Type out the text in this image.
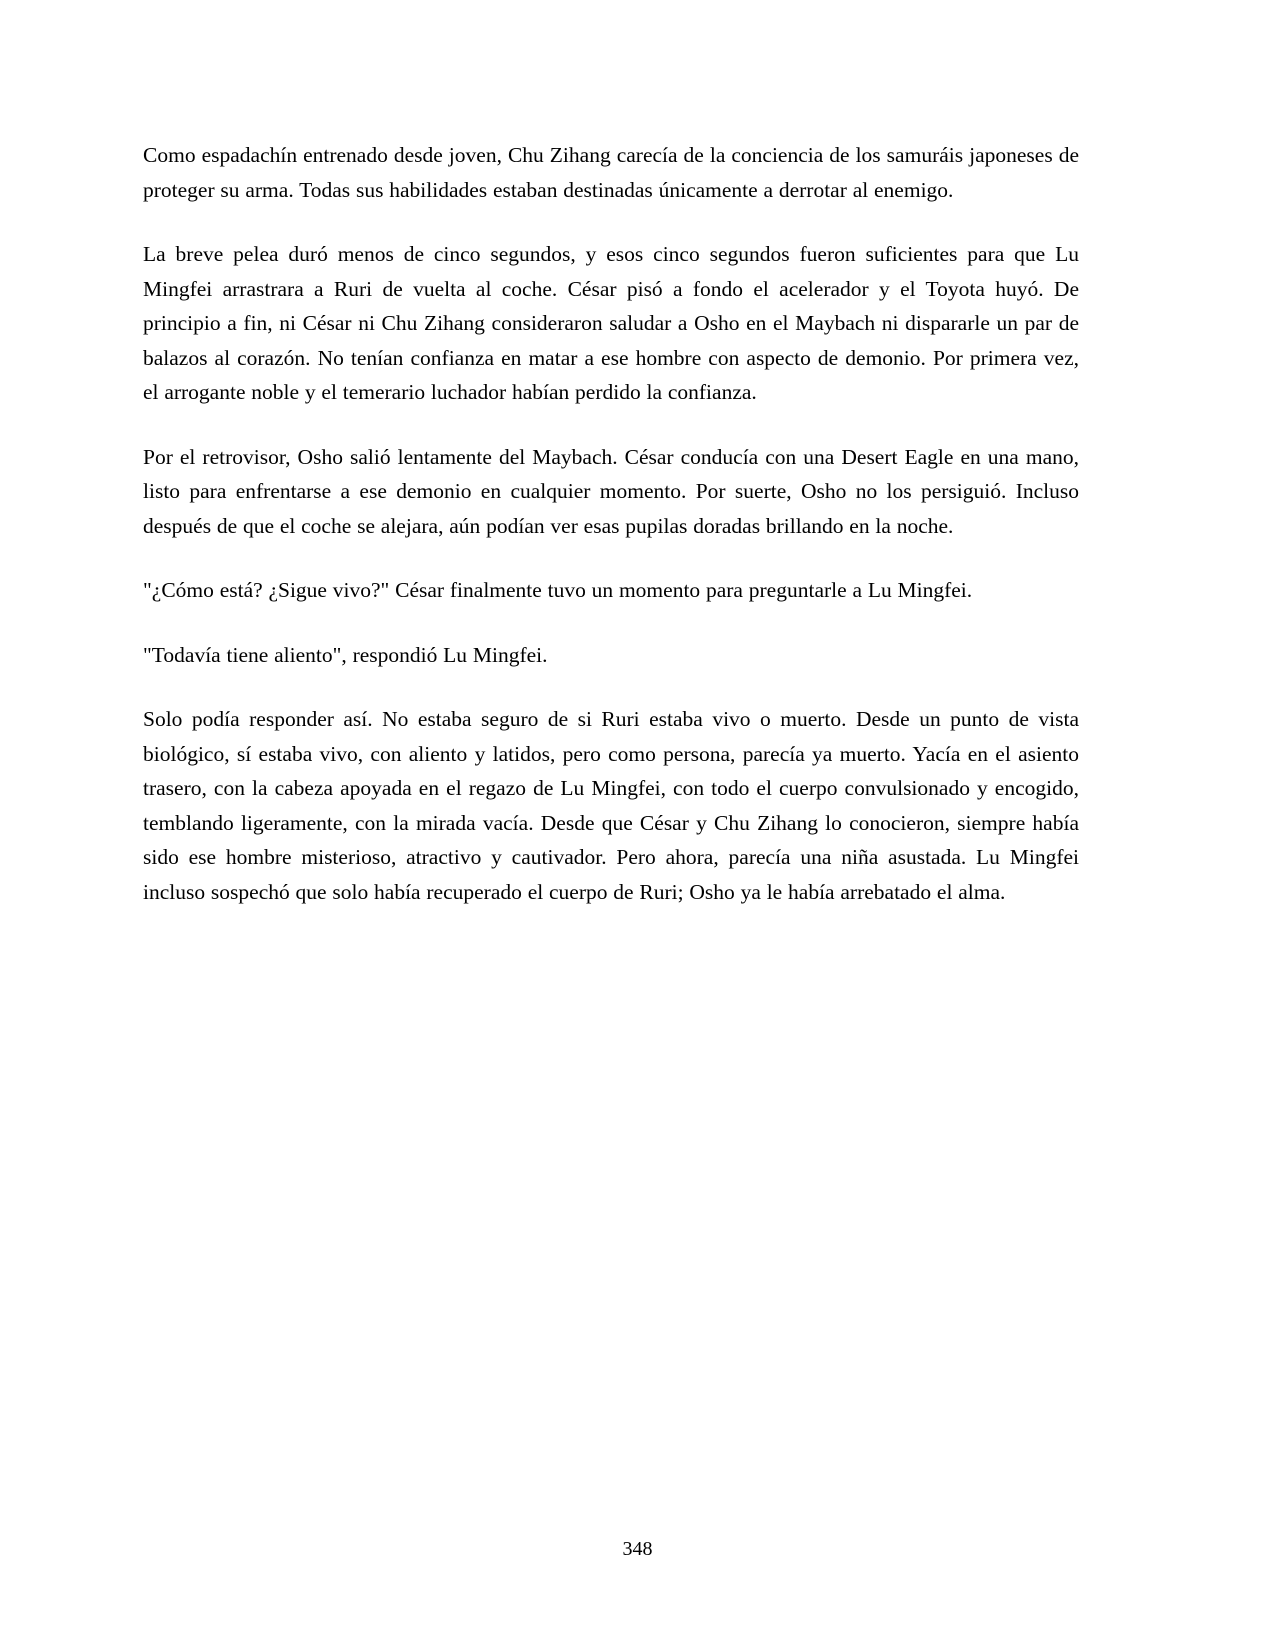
Como espadachín entrenado desde joven, Chu Zihang carecía de la conciencia de los samuráis japoneses de proteger su arma. Todas sus habilidades estaban destinadas únicamente a derrotar al enemigo.

La breve pelea duró menos de cinco segundos, y esos cinco segundos fueron suficientes para que Lu Mingfei arrastrara a Ruri de vuelta al coche. César pisó a fondo el acelerador y el Toyota huyó. De principio a fin, ni César ni Chu Zihang consideraron saludar a Osho en el Maybach ni dispararle un par de balazos al corazón. No tenían confianza en matar a ese hombre con aspecto de demonio. Por primera vez, el arrogante noble y el temerario luchador habían perdido la confianza.

Por el retrovisor, Osho salió lentamente del Maybach. César conducía con una Desert Eagle en una mano, listo para enfrentarse a ese demonio en cualquier momento. Por suerte, Osho no los persiguió. Incluso después de que el coche se alejara, aún podían ver esas pupilas doradas brillando en la noche.

"¿Cómo está? ¿Sigue vivo?" César finalmente tuvo un momento para preguntarle a Lu Mingfei.

"Todavía tiene aliento", respondió Lu Mingfei.

Solo podía responder así. No estaba seguro de si Ruri estaba vivo o muerto. Desde un punto de vista biológico, sí estaba vivo, con aliento y latidos, pero como persona, parecía ya muerto. Yacía en el asiento trasero, con la cabeza apoyada en el regazo de Lu Mingfei, con todo el cuerpo convulsionado y encogido, temblando ligeramente, con la mirada vacía. Desde que César y Chu Zihang lo conocieron, siempre había sido ese hombre misterioso, atractivo y cautivador. Pero ahora, parecía una niña asustada. Lu Mingfei incluso sospechó que solo había recuperado el cuerpo de Ruri; Osho ya le había arrebatado el alma.

348
